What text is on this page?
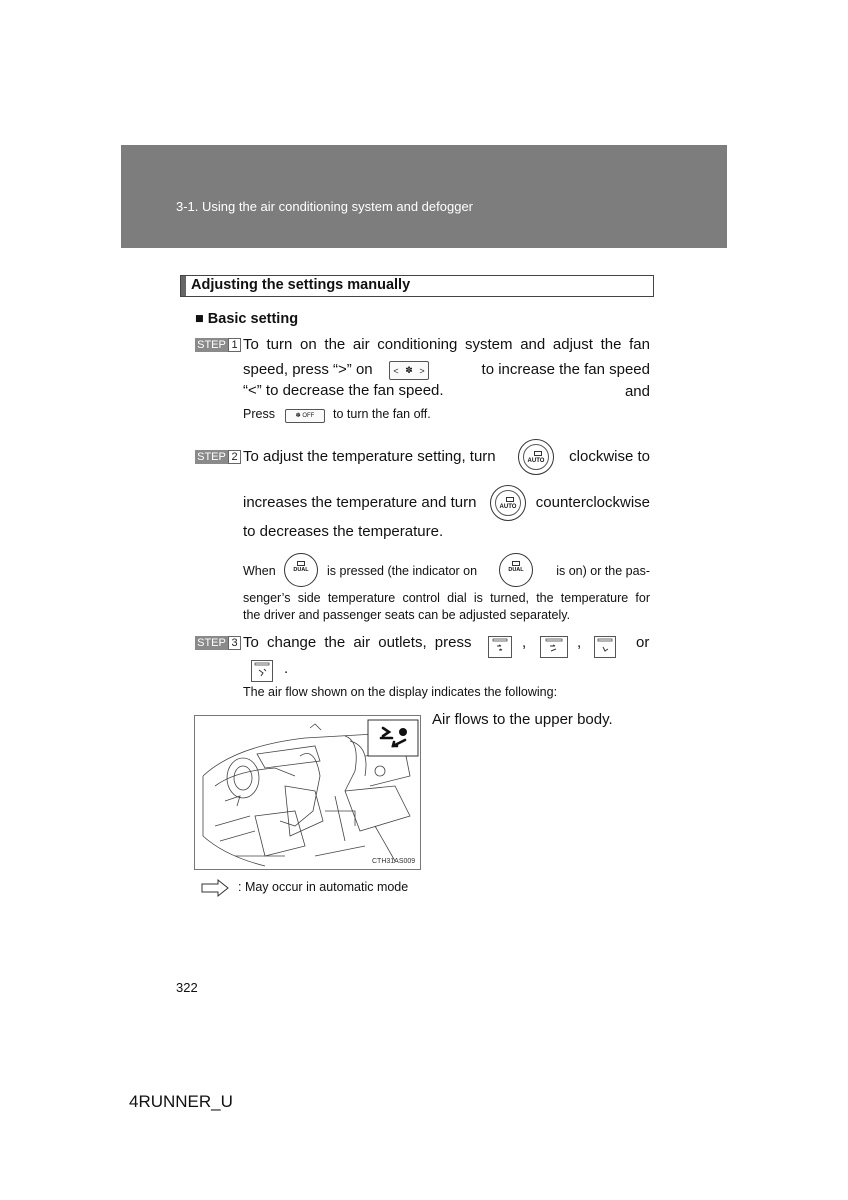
3-1. Using the air conditioning system and defogger
Adjusting the settings manually
■ Basic setting
STEP 1 To turn on the air conditioning system and adjust the fan
speed, press “>” on < ✽ >	to increase the fan speed and
“<” to decrease the fan speed.
Press	✽ OFF	to turn the fan off.
STEP 2 To adjust the temperature setting, turn	AUTO	clockwise to
increases the temperature and turn	AUTO	counterclockwise
to decreases the temperature.
When	DUAL	is pressed (the indicator on	DUAL	is on) or the pas-
senger’s side temperature control dial is turned, the temperature for
the driver and passenger seats can be adjusted separately.
STEP 3 To change the air outlets, press	,	,	or
.
The air flow shown on the display indicates the following:
CTH31AS009
Air flows to the upper body.
: May occur in automatic mode
322
4RUNNER_U
